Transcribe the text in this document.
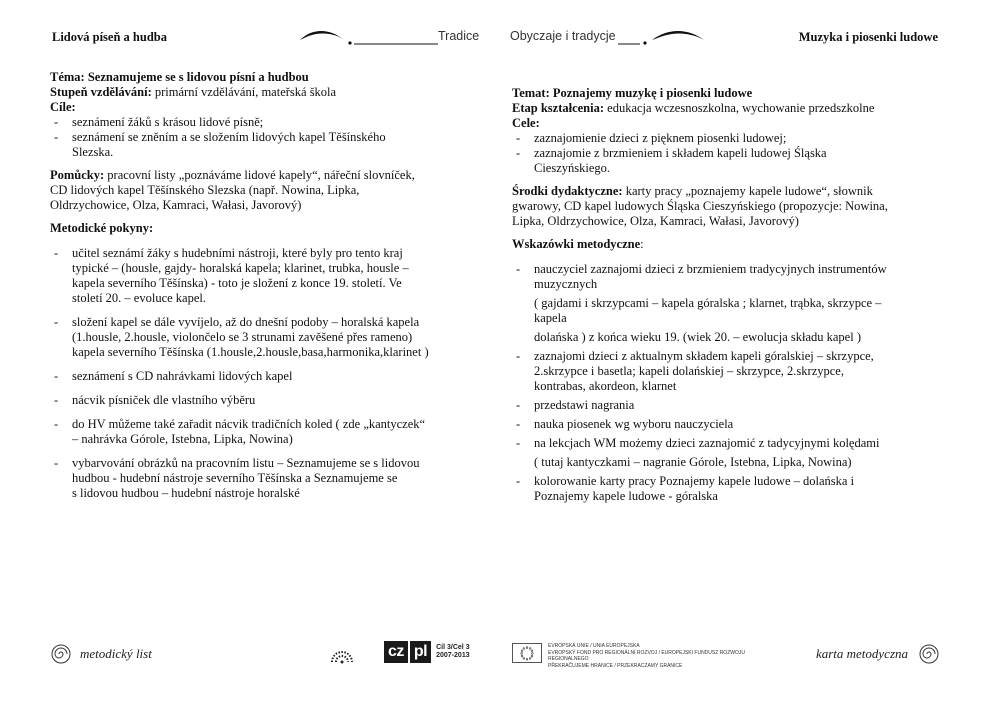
Lidová píseň a hudba	Tradice Obyczaje i tradycje	Muzyka i piosenki ludowe
Téma: Seznamujeme se s lidovou písní a hudbou
Stupeň vzdělávání: primární vzdělávání, mateřská škola
Cíle:
- seznámení žáků s krásou lidové písně;
- seznámení se zněním a se složením lidových kapel Těšínského
Slezska.
Pomůcky: pracovní listy „poznáváme lidové kapely“, nářeční slovníček,
CD lidových kapel Těšínského Slezska (např. Nowina, Lipka,
Oldrzychowice, Olza, Kamraci, Wałasi, Javorový)
Metodické pokyny:
- učitel seznámí žáky s hudebními nástroji, které byly pro tento kraj
typické – (housle, gajdy- horalská kapela; klarinet, trubka, housle –
kapela severního Těšínska) - toto je složení z konce 19. století. Ve
století 20. – evoluce kapel.
- složení kapel se dále vyvíjelo, až do dnešní podoby – horalská kapela
(1.housle, 2.housle, violončelo se 3 strunami zavěšené přes rameno)
kapela severního Těšínska (1.housle,2.housle,basa,harmonika,klarinet )
- seznámení s CD nahrávkami lidových kapel
- nácvik písniček dle vlastního výběru
- do HV můžeme také zařadit nácvik tradičních koled ( zde „kantyczek“
– nahrávka Górole, Istebna, Lipka, Nowina)
- vybarvování obrázků na pracovním listu – Seznamujeme se s lidovou
hudbou - hudební nástroje severního Těšínska a Seznamujeme se
s lidovou hudbou – hudební nástroje horalské
Temat: Poznajemy muzykę i piosenki ludowe
Etap kształcenia: edukacja wczesnoszkolna, wychowanie przedszkolne
Cele:
- zaznajomienie dzieci z pięknem piosenki ludowej;
- zaznajomie z brzmieniem i składem kapeli ludowej Śląska
Cieszyńskiego.
Środki dydaktyczne: karty pracy „poznajemy kapele ludowe“, słownik
gwarowy, CD kapel ludowych Śląska Cieszyńskiego (propozycje: Nowina,
Lipka, Oldrzychowice, Olza, Kamraci, Wałasi, Javorový)
Wskazówki metodyczne:
- nauczyciel zaznajomi dzieci z brzmieniem tradycyjnych instrumentów
muzycznych
( gajdami i skrzypcami – kapela góralska ; klarnet, trąbka, skrzypce –
kapela
dolańska ) z końca wieku 19. (wiek 20. – ewolucja składu kapel )
- zaznajomi dzieci z aktualnym składem kapeli góralskiej – skrzypce,
2.skrzypce i basetla; kapeli dolańskiej – skrzypce, 2.skrzypce,
kontrabas, akordeon, klarnet
- przedstawi nagrania
- nauka piosenek wg wyboru nauczyciela
- na lekcjach WM możemy dzieci zaznajomić z tadycyjnymi kolędami
( tutaj kantyczkami – nagranie Górole, Istebna, Lipka, Nowina)
- kolorowanie karty pracy Poznajemy kapele ludowe – dolańska i
Poznajemy kapele ludowe - góralska
metodický list	cz pl	Cíl 3/Cel 3
2007-2013
EVROPSKÁ UNIE / UNIA EUROPEJSKA
EVROPSKÝ FOND PRO REGIONÁLNÍ ROZVOJ / EUROPEJSKI FUNDUSZ ROZWOJU REGIONALNEGO
PŘEKRAČUJEME HRANICE / PRZEKRACZAMY GRANICE
karta metodyczna
